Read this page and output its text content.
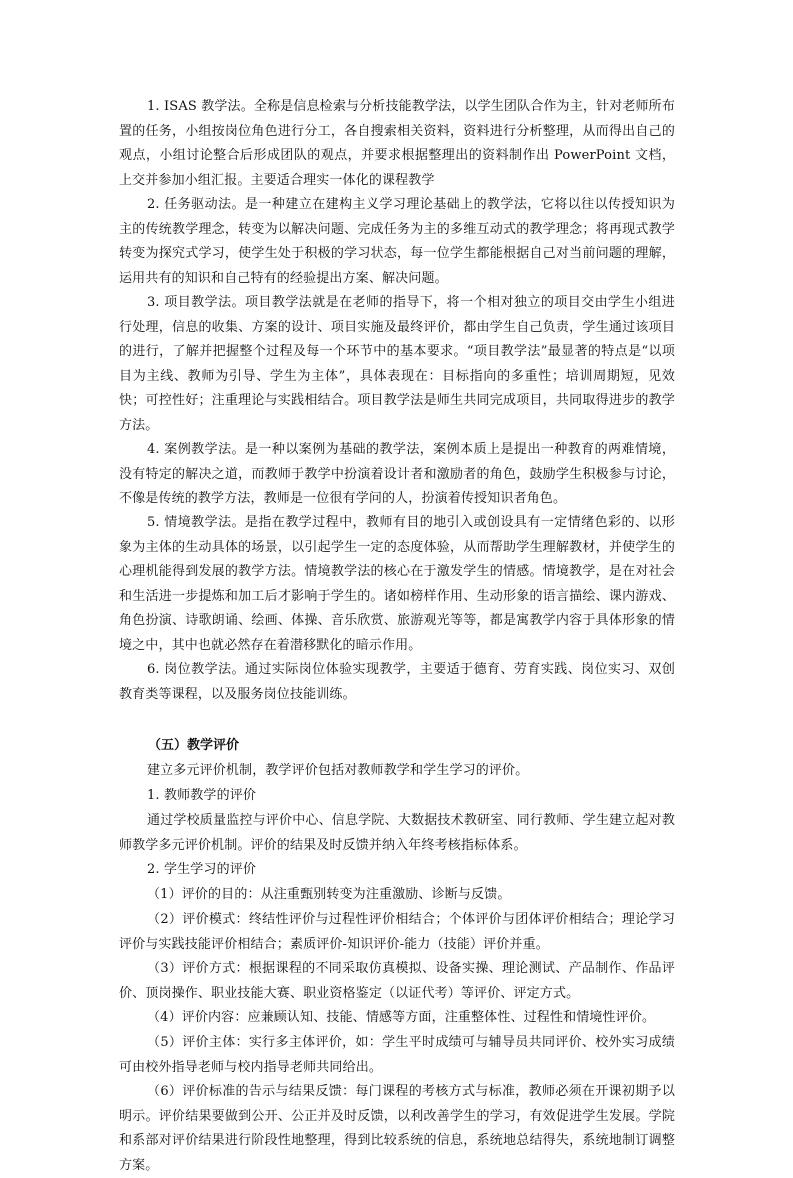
1. ISAS 教学法。全称是信息检索与分析技能教学法，以学生团队合作为主，针对老师所布置的任务，小组按岗位角色进行分工，各自搜索相关资料，资料进行分析整理，从而得出自己的观点，小组讨论整合后形成团队的观点，并要求根据整理出的资料制作出 PowerPoint 文档，上交并参加小组汇报。主要适合理实一体化的课程教学

2. 任务驱动法。是一种建立在建构主义学习理论基础上的教学法，它将以往以传授知识为主的传统教学理念，转变为以解决问题、完成任务为主的多维互动式的教学理念；将再现式教学转变为探究式学习，使学生处于积极的学习状态，每一位学生都能根据自己对当前问题的理解，运用共有的知识和自己特有的经验提出方案、解决问题。

3. 项目教学法。项目教学法就是在老师的指导下，将一个相对独立的项目交由学生小组进行处理，信息的收集、方案的设计、项目实施及最终评价，都由学生自己负责，学生通过该项目的进行，了解并把握整个过程及每一个环节中的基本要求。“项目教学法”最显著的特点是“以项目为主线、教师为引导、学生为主体”，具体表现在：目标指向的多重性；培训周期短，见效快；可控性好；注重理论与实践相结合。项目教学法是师生共同完成项目，共同取得进步的教学方法。

4. 案例教学法。是一种以案例为基础的教学法，案例本质上是提出一种教育的两难情境，没有特定的解决之道，而教师于教学中扮演着设计者和激励者的角色，鼓励学生积极参与讨论，不像是传统的教学方法，教师是一位很有学问的人，扮演着传授知识者角色。

5. 情境教学法。是指在教学过程中，教师有目的地引入或创设具有一定情绪色彩的、以形象为主体的生动具体的场景，以引起学生一定的态度体验，从而帮助学生理解教材，并使学生的心理机能得到发展的教学方法。情境教学法的核心在于激发学生的情感。情境教学，是在对社会和生活进一步提炼和加工后才影响于学生的。诸如榜样作用、生动形象的语言描绘、课内游戏、角色扮演、诗歌朗诵、绘画、体操、音乐欣赏、旅游观光等等，都是寓教学内容于具体形象的情境之中，其中也就必然存在着潜移默化的暗示作用。

6. 岗位教学法。通过实际岗位体验实现教学，主要适于德育、劳育实践、岗位实习、双创教育类等课程，以及服务岗位技能训练。

（五）教学评价

建立多元评价机制，教学评价包括对教师教学和学生学习的评价。

1. 教师教学的评价

通过学校质量监控与评价中心、信息学院、大数据技术教研室、同行教师、学生建立起对教师教学多元评价机制。评价的结果及时反馈并纳入年终考核指标体系。

2. 学生学习的评价

（1）评价的目的：从注重甄别转变为注重激励、诊断与反馈。

（2）评价模式：终结性评价与过程性评价相结合；个体评价与团体评价相结合；理论学习评价与实践技能评价相结合；素质评价-知识评价-能力（技能）评价并重。

（3）评价方式：根据课程的不同采取仿真模拟、设备实操、理论测试、产品制作、作品评价、顶岗操作、职业技能大赛、职业资格鉴定（以证代考）等评价、评定方式。

（4）评价内容：应兼顾认知、技能、情感等方面，注重整体性、过程性和情境性评价。

（5）评价主体：实行多主体评价，如：学生平时成绩可与辅导员共同评价、校外实习成绩可由校外指导老师与校内指导老师共同给出。

（6）评价标准的告示与结果反馈：每门课程的考核方式与标准，教师必须在开课初期予以明示。评价结果要做到公开、公正并及时反馈，以利改善学生的学习，有效促进学生发展。学院和系部对评价结果进行阶段性地整理，得到比较系统的信息，系统地总结得失，系统地制订调整方案。
